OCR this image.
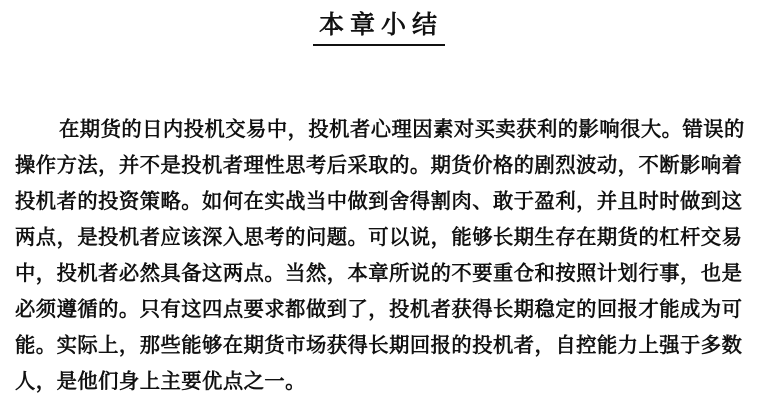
本章小结
在期货的日内投机交易中，投机者心理因素对买卖获利的影响很大。错误的
操作方法，并不是投机者理性思考后采取的。期货价格的剧烈波动，不断影响着
投机者的投资策略。如何在实战当中做到舍得割肉、敢于盈利，并且时时做到这
两点，是投机者应该深入思考的问题。可以说，能够长期生存在期货的杠杆交易
中，投机者必然具备这两点。当然，本章所说的不要重仓和按照计划行事，也是
必须遵循的。只有这四点要求都做到了，投机者获得长期稳定的回报才能成为可
能。实际上，那些能够在期货市场获得长期回报的投机者，自控能力上强于多数
人，是他们身上主要优点之一。
